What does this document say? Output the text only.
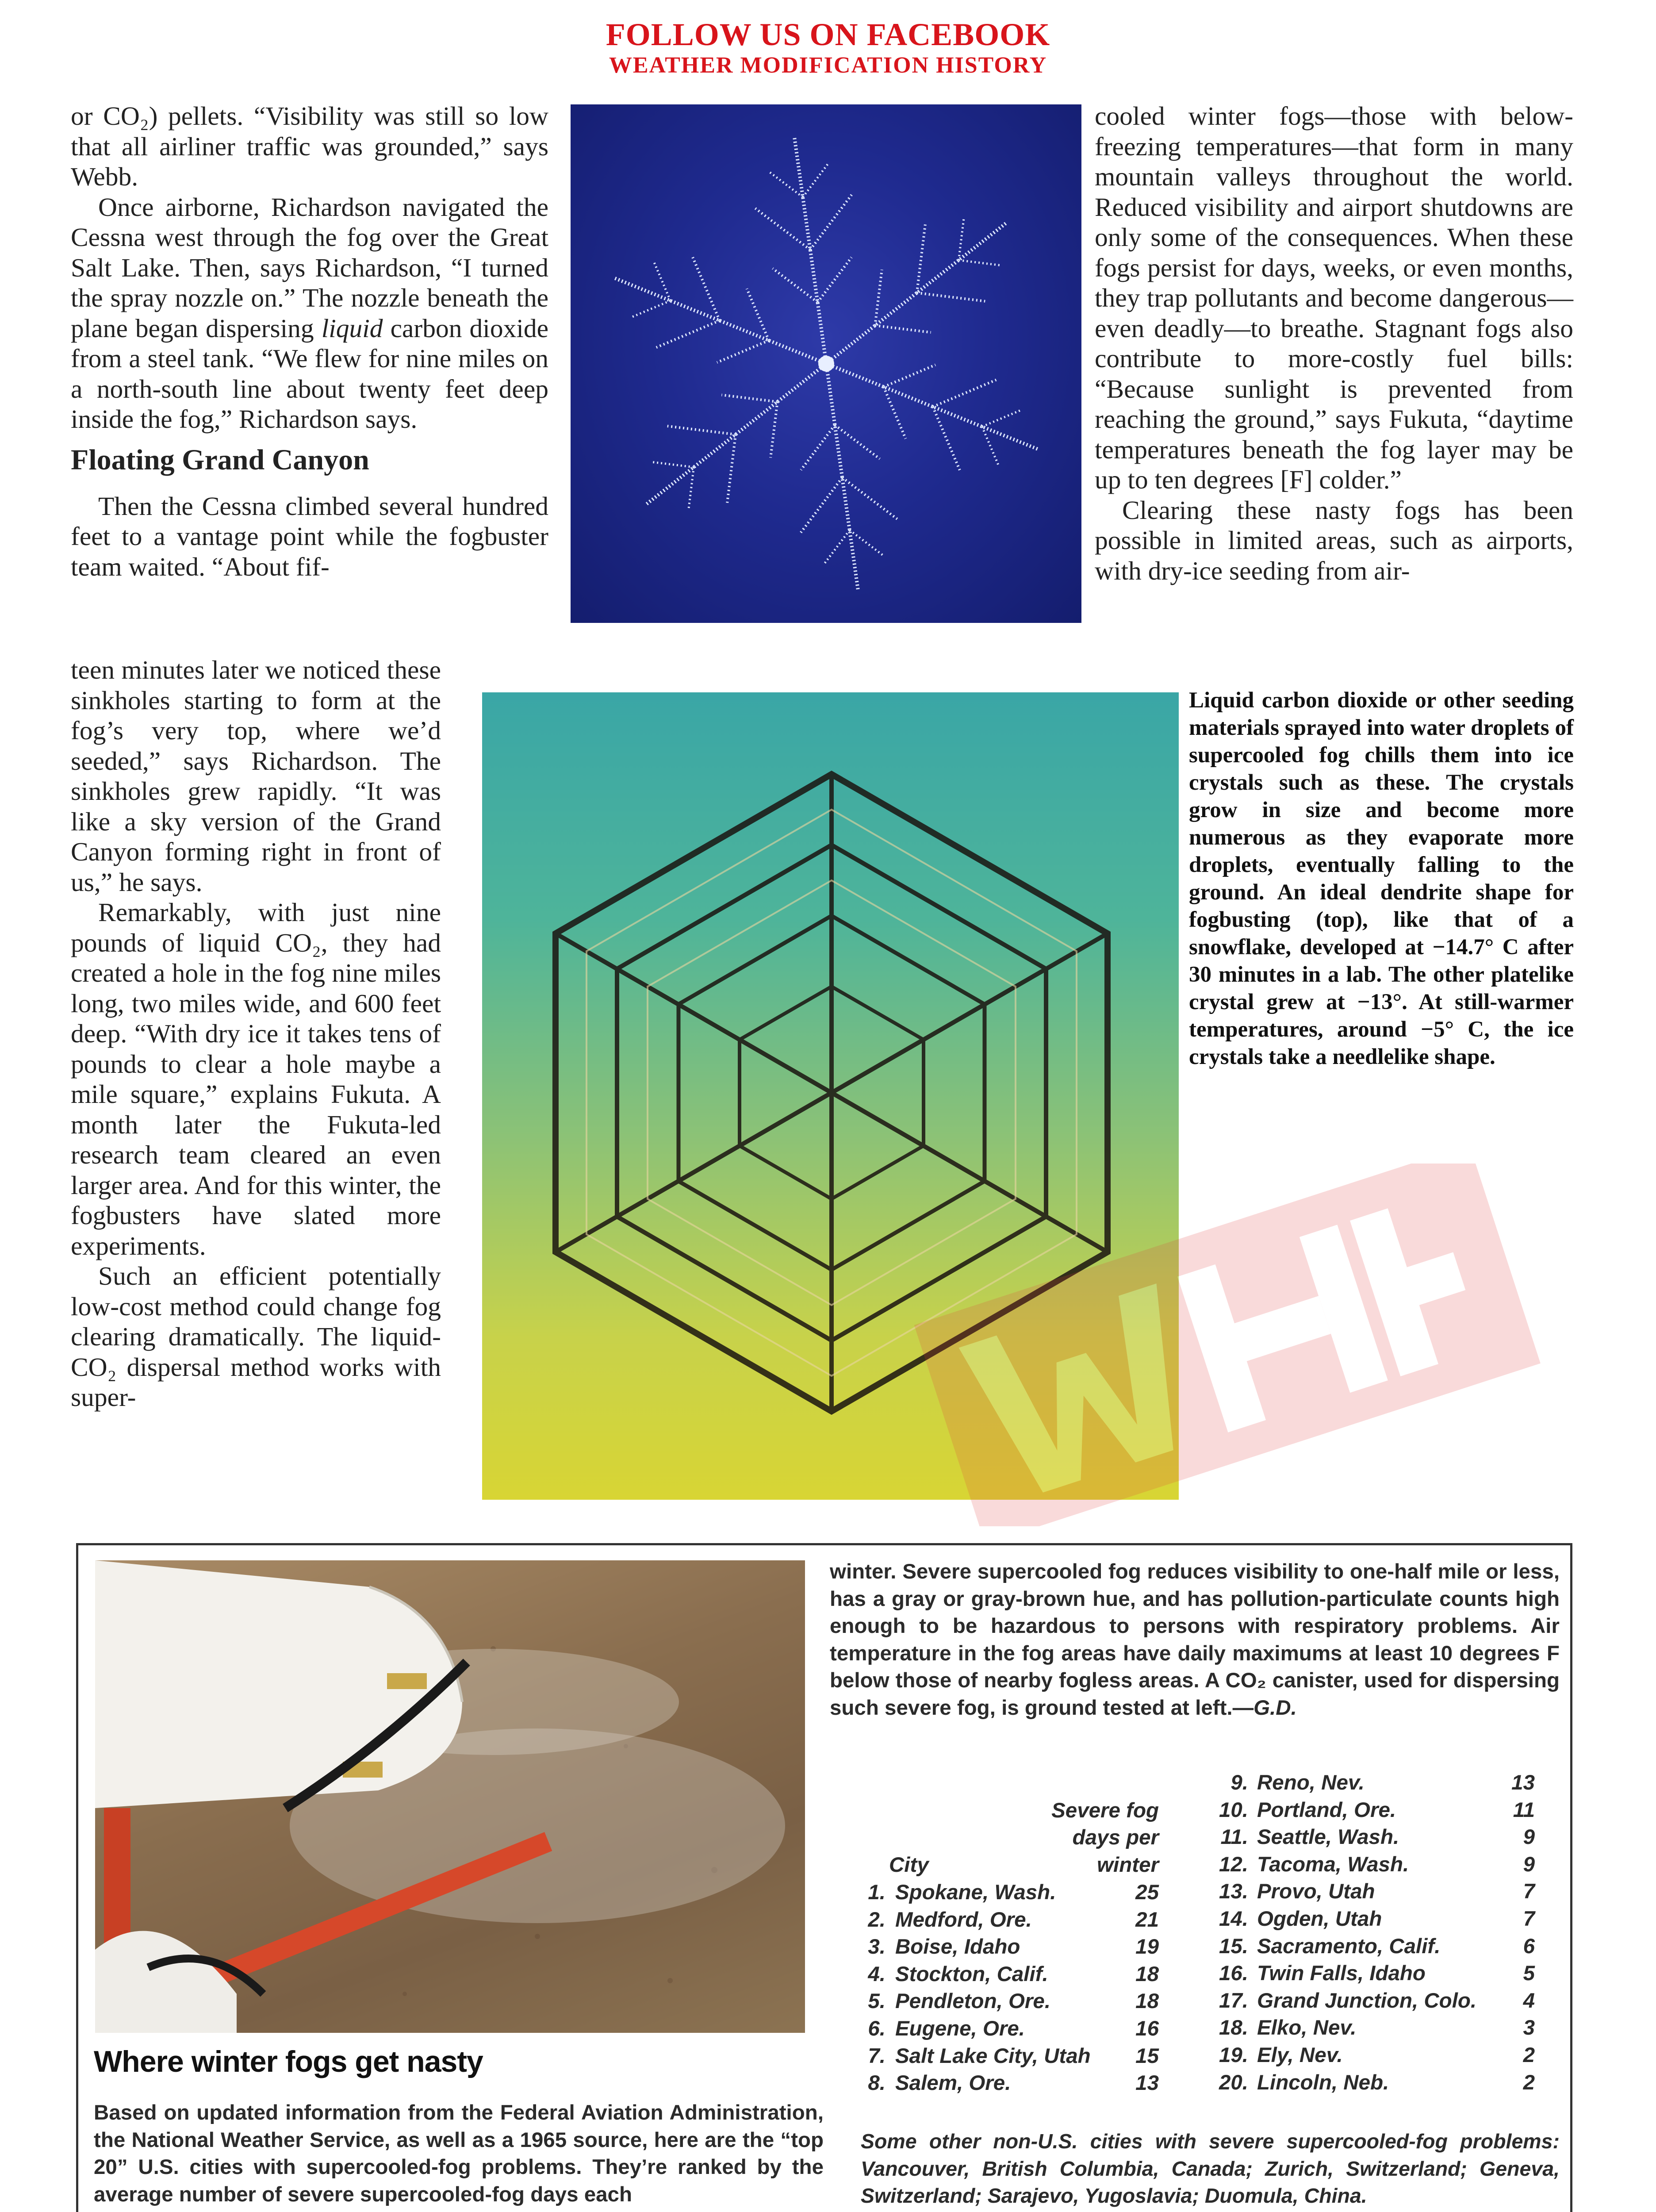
FOLLOW US ON FACEBOOK
WEATHER MODIFICATION HISTORY

or CO₂) pellets. “Visibility was still so low that all airliner traffic was grounded,” says Webb.

Once airborne, Richardson navigated the Cessna west through the fog over the Great Salt Lake. Then, says Richardson, “I turned the spray nozzle on.” The nozzle beneath the plane began dispersing liquid carbon dioxide from a steel tank. “We flew for nine miles on a north-south line about twenty feet deep inside the fog,” Richardson says.

Floating Grand Canyon

Then the Cessna climbed several hundred feet to a vantage point while the fogbuster team waited. “About fif-

teen minutes later we noticed these sinkholes starting to form at the fog’s very top, where we’d seeded,” says Richardson. The sinkholes grew rapidly. “It was like a sky version of the Grand Canyon forming right in front of us,” he says.

Remarkably, with just nine pounds of liquid CO₂, they had created a hole in the fog nine miles long, two miles wide, and 600 feet deep. “With dry ice it takes tens of pounds to clear a hole maybe a mile square,” explains Fukuta. A month later the Fukuta-led research team cleared an even larger area. And for this winter, the fogbusters have slated more experiments.

Such an efficient potentially low-cost method could change fog clearing dramatically. The liquid-CO₂ dispersal method works with super-

cooled winter fogs—those with below-freezing temperatures—that form in many mountain valleys throughout the world. Reduced visibility and airport shutdowns are only some of the consequences. When these fogs persist for days, weeks, or even months, they trap pollutants and become dangerous—even deadly—to breathe. Stagnant fogs also contribute to more-costly fuel bills: “Because sunlight is prevented from reaching the ground,” says Fukuta, “daytime temperatures beneath the fog layer may be up to ten degrees [F] colder.”

Clearing these nasty fogs has been possible in limited areas, such as airports, with dry-ice seeding from air-

Liquid carbon dioxide or other seeding materials sprayed into water droplets of supercooled fog chills them into ice crystals such as these. The crystals grow in size and become more numerous as they evaporate more droplets, eventually falling to the ground. An ideal dendrite shape for fogbusting (top), like that of a snowflake, developed at −14.7° C after 30 minutes in a lab. The other platelike crystal grew at −13°. At still-warmer temperatures, around −5° C, the ice crystals take a needlelike shape.
Where winter fogs get nasty
Based on updated information from the Federal Aviation Administration, the National Weather Service, as well as a 1965 source, here are the “top 20” U.S. cities with supercooled-fog problems. They’re ranked by the average number of severe supercooled-fog days each
winter. Severe supercooled fog reduces visibility to one-half mile or less, has a gray or gray-brown hue, and has pollution-particulate counts high enough to be hazardous to persons with respiratory problems. Air temperature in the fog areas have daily maximums at least 10 degrees F below those of nearby fogless areas. A CO₂ canister, used for dispersing such severe fog, is ground tested at left.—G.D.
Severe fog
days per
winter
City
1. Spokane, Wash.	25
2. Medford, Ore.	21
3. Boise, Idaho	19
4. Stockton, Calif.	18
5. Pendleton, Ore.	18
6. Eugene, Ore.	16
7. Salt Lake City, Utah	15
8. Salem, Ore.	13
9. Reno, Nev.	13
10. Portland, Ore.	11
11. Seattle, Wash.	9
12. Tacoma, Wash.	9
13. Provo, Utah	7
14. Ogden, Utah	7
15. Sacramento, Calif.	6
16. Twin Falls, Idaho	5
17. Grand Junction, Colo.	4
18. Elko, Nev.	3
19. Ely, Nev.	2
20. Lincoln, Neb.	2
Some other non-U.S. cities with severe supercooled-fog problems: Vancouver, British Columbia, Canada; Zurich, Switzerland; Geneva, Switzerland; Sarajevo, Yugoslavia; Duomula, China.
